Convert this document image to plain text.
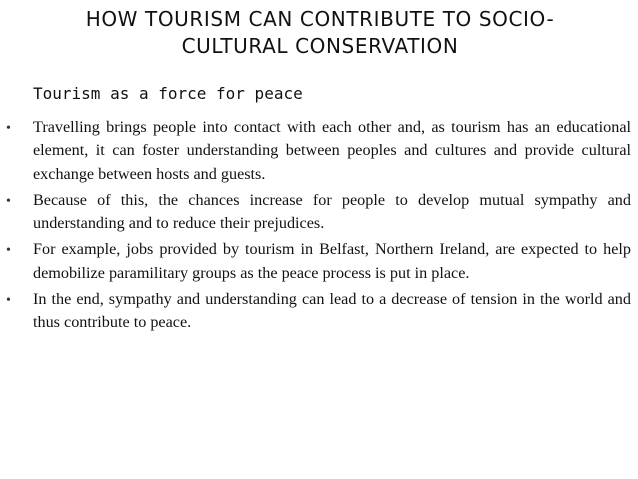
HOW TOURISM CAN CONTRIBUTE TO SOCIO-CULTURAL CONSERVATION
Tourism as a force for peace
• Travelling brings people into contact with each other and, as tourism has an educational element, it can foster understanding between peoples and cultures and provide cultural exchange between hosts and guests.
• Because of this, the chances increase for people to develop mutual sympathy and understanding and to reduce their prejudices.
• For example, jobs provided by tourism in Belfast, Northern Ireland, are expected to help demobilize paramilitary groups as the peace process is put in place.
• In the end, sympathy and understanding can lead to a decrease of tension in the world and thus contribute to peace.
